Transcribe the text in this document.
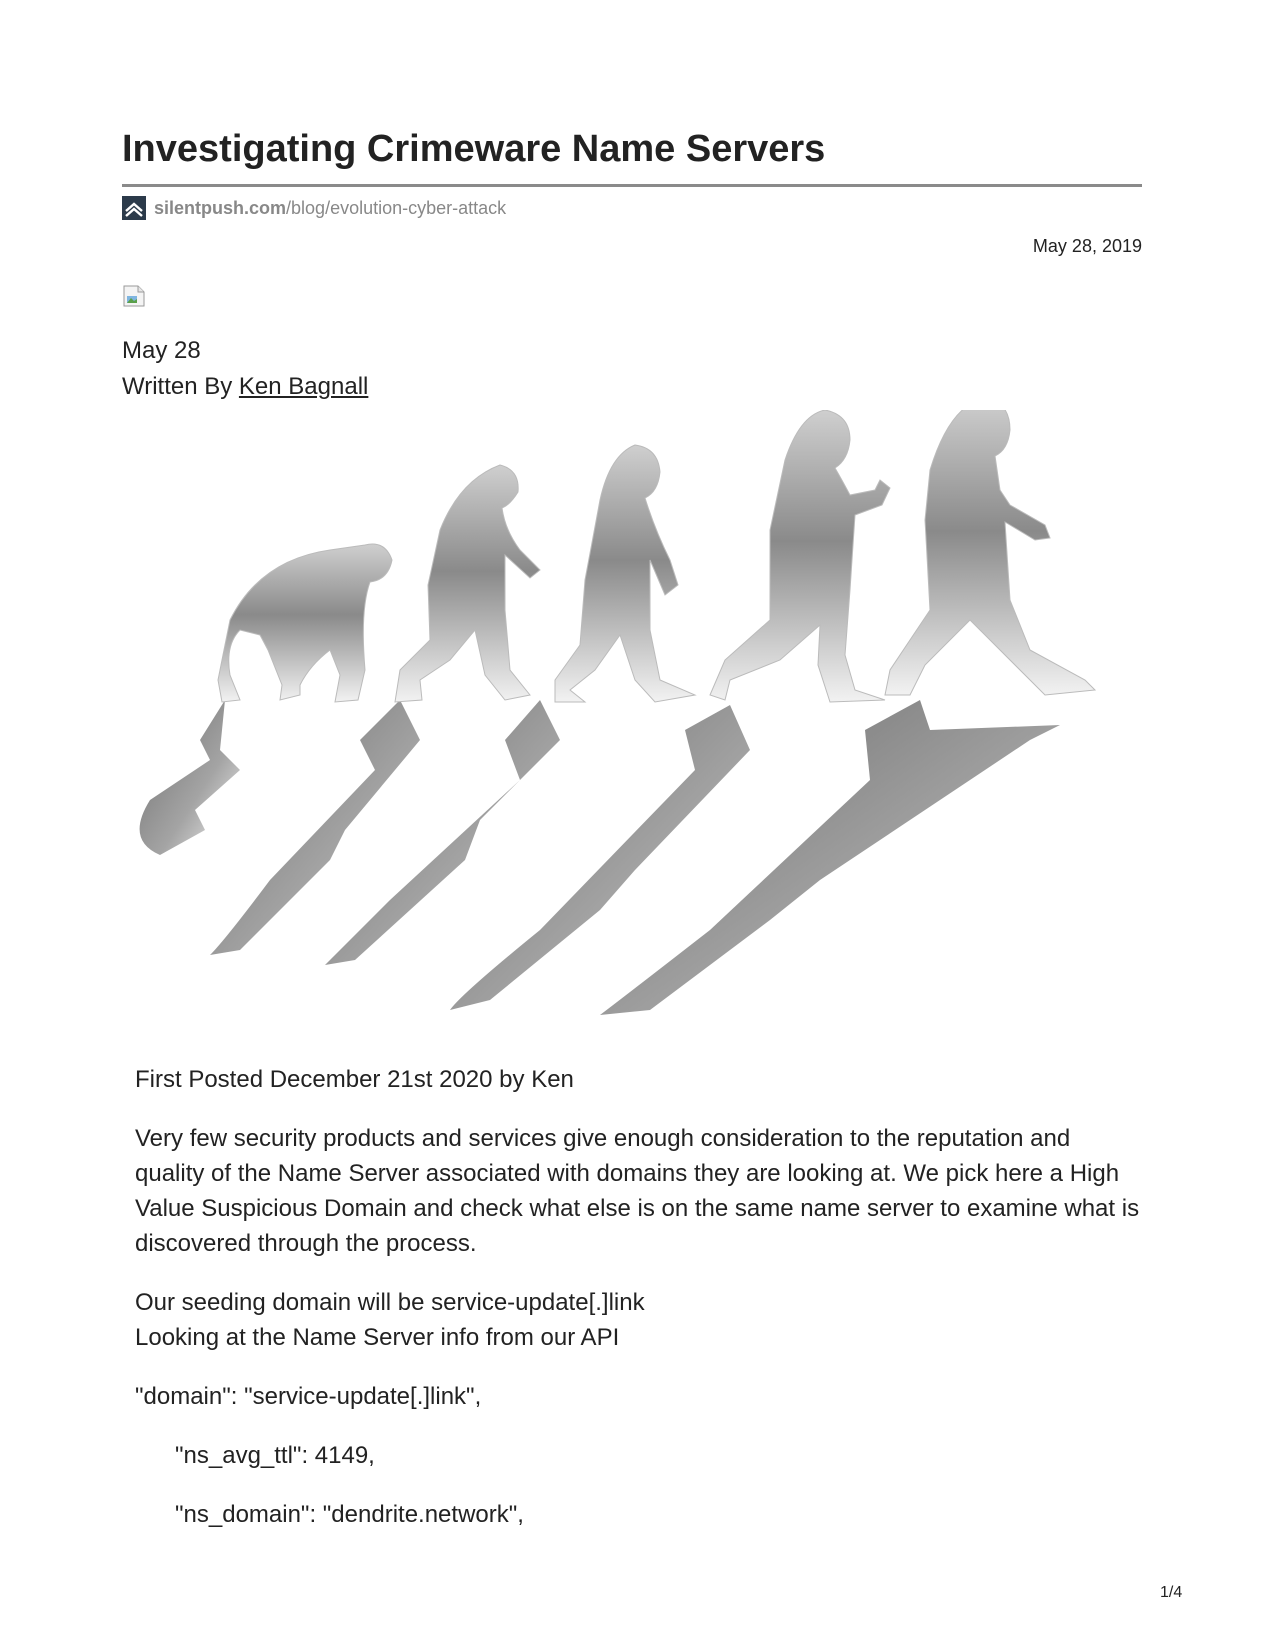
Investigating Crimeware Name Servers
silentpush.com /blog/evolution-cyber-attack
May 28, 2019
May 28
Written By Ken Bagnall

First Posted December 21st 2020 by Ken

Very few security products and services give enough consideration to the reputation and quality of the Name Server associated with domains they are looking at. We pick here a High Value Suspicious Domain and check what else is on the same name server to examine what is discovered through the process.

Our seeding domain will be service-update[.]link
Looking at the Name Server info from our API

"domain": "service-update[.]link",

"ns_avg_ttl": 4149,

"ns_domain": "dendrite.network",

1/4
